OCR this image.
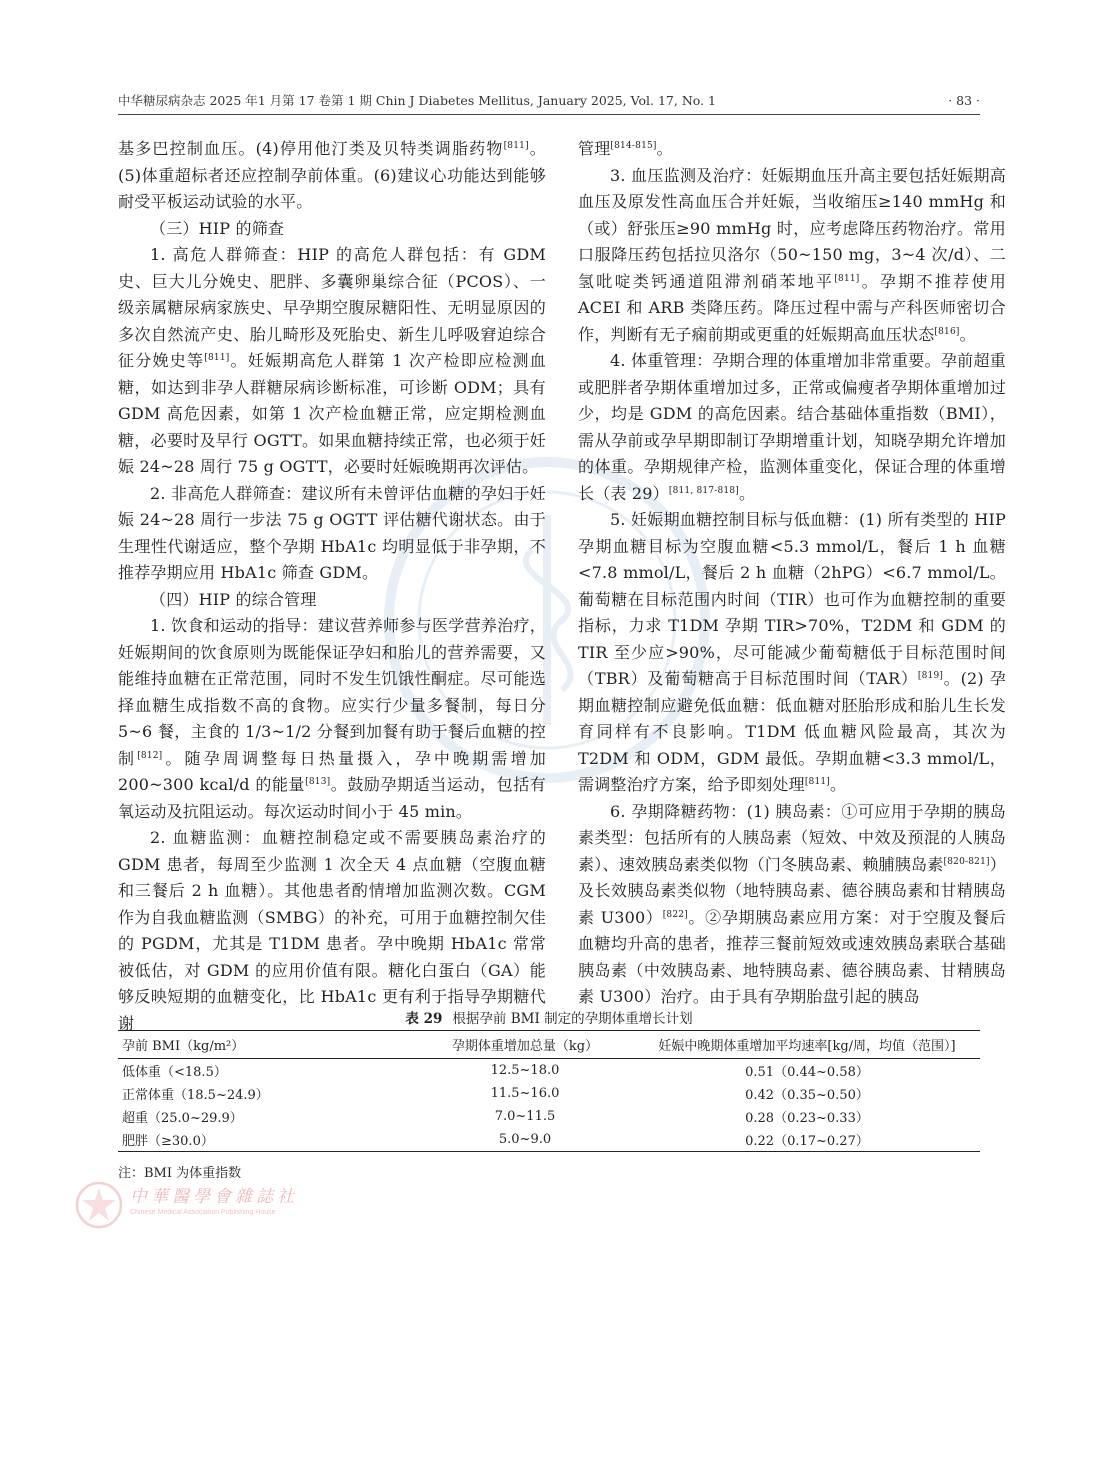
中华糖尿病杂志 2025 年1 月第 17 卷第 1 期 Chin J Diabetes Mellitus, January 2025, Vol. 17, No. 1	· 83 ·

基多巴控制血压。(4)停用他汀类及贝特类调脂药物[811]。(5)体重超标者还应控制孕前体重。(6)建议心功能达到能够耐受平板运动试验的水平。

（三）HIP 的筛查

1. 高危人群筛查：HIP 的高危人群包括：有 GDM 史、巨大儿分娩史、肥胖、多囊卵巢综合征（PCOS）、一级亲属糖尿病家族史、早孕期空腹尿糖阳性、无明显原因的多次自然流产史、胎儿畸形及死胎史、新生儿呼吸窘迫综合征分娩史等[811]。妊娠期高危人群第 1 次产检即应检测血糖，如达到非孕人群糖尿病诊断标准，可诊断 ODM；具有 GDM 高危因素，如第 1 次产检血糖正常，应定期检测血糖，必要时及早行 OGTT。如果血糖持续正常，也必须于妊娠 24~28 周行 75 g OGTT，必要时妊娠晚期再次评估。

2. 非高危人群筛查：建议所有未曾评估血糖的孕妇于妊娠 24~28 周行一步法 75 g OGTT 评估糖代谢状态。由于生理性代谢适应，整个孕期 HbA1c 均明显低于非孕期，不推荐孕期应用 HbA1c 筛查 GDM。

（四）HIP 的综合管理

1. 饮食和运动的指导：建议营养师参与医学营养治疗，妊娠期间的饮食原则为既能保证孕妇和胎儿的营养需要，又能维持血糖在正常范围，同时不发生饥饿性酮症。尽可能选择血糖生成指数不高的食物。应实行少量多餐制，每日分 5~6 餐，主食的 1/3~1/2 分餐到加餐有助于餐后血糖的控制[812]。随孕周调整每日热量摄入，孕中晚期需增加 200~300 kcal/d 的能量[813]。鼓励孕期适当运动，包括有氧运动及抗阻运动。每次运动时间小于 45 min。

2. 血糖监测：血糖控制稳定或不需要胰岛素治疗的 GDM 患者，每周至少监测 1 次全天 4 点血糖（空腹血糖和三餐后 2 h 血糖）。其他患者酌情增加监测次数。CGM 作为自我血糖监测（SMBG）的补充，可用于血糖控制欠佳的 PGDM，尤其是 T1DM 患者。孕中晚期 HbA1c 常常被低估，对 GDM 的应用价值有限。糖化白蛋白（GA）能够反映短期的血糖变化，比 HbA1c 更有利于指导孕期糖代谢

管理[814-815]。

3. 血压监测及治疗：妊娠期血压升高主要包括妊娠期高血压及原发性高血压合并妊娠，当收缩压≥140 mmHg 和（或）舒张压≥90 mmHg 时，应考虑降压药物治疗。常用口服降压药包括拉贝洛尔（50~150 mg，3~4 次/d）、二氢吡啶类钙通道阻滞剂硝苯地平[811]。孕期不推荐使用 ACEI 和 ARB 类降压药。降压过程中需与产科医师密切合作，判断有无子痫前期或更重的妊娠期高血压状态[816]。

4. 体重管理：孕期合理的体重增加非常重要。孕前超重或肥胖者孕期体重增加过多，正常或偏瘦者孕期体重增加过少，均是 GDM 的高危因素。结合基础体重指数（BMI），需从孕前或孕早期即制订孕期增重计划，知晓孕期允许增加的体重。孕期规律产检，监测体重变化，保证合理的体重增长（表 29）[811, 817-818]。

5. 妊娠期血糖控制目标与低血糖：(1) 所有类型的 HIP 孕期血糖目标为空腹血糖<5.3 mmol/L，餐后 1 h 血糖<7.8 mmol/L，餐后 2 h 血糖（2hPG）<6.7 mmol/L。葡萄糖在目标范围内时间（TIR）也可作为血糖控制的重要指标，力求 T1DM 孕期 TIR>70%，T2DM 和 GDM 的 TIR 至少应>90%，尽可能减少葡萄糖低于目标范围时间（TBR）及葡萄糖高于目标范围时间（TAR）[819]。(2) 孕期血糖控制应避免低血糖：低血糖对胚胎形成和胎儿生长发育同样有不良影响。T1DM 低血糖风险最高，其次为 T2DM 和 ODM，GDM 最低。孕期血糖<3.3 mmol/L，需调整治疗方案，给予即刻处理[811]。

6. 孕期降糖药物：(1) 胰岛素：①可应用于孕期的胰岛素类型：包括所有的人胰岛素（短效、中效及预混的人胰岛素）、速效胰岛素类似物（门冬胰岛素、赖脯胰岛素[820-821]）及长效胰岛素类似物（地特胰岛素、德谷胰岛素和甘精胰岛素 U300）[822]。②孕期胰岛素应用方案：对于空腹及餐后血糖均升高的患者，推荐三餐前短效或速效胰岛素联合基础胰岛素（中效胰岛素、地特胰岛素、德谷胰岛素、甘精胰岛素 U300）治疗。由于具有孕期胎盘引起的胰岛

表 29 根据孕前 BMI 制定的孕期体重增长计划
孕前 BMI（kg/m²）	孕期体重增加总量（kg）	妊娠中晚期体重增加平均速率[kg/周，均值（范围）]
低体重（<18.5）	12.5~18.0	0.51（0.44~0.58）
正常体重（18.5~24.9）	11.5~16.0	0.42（0.35~0.50）
超重（25.0~29.9）	7.0~11.5	0.28（0.23~0.33）
肥胖（≥30.0）	5.0~9.0	0.22（0.17~0.27）
注：BMI 为体重指数
中華醫學會雜誌社
Chinese Medical Association Publishing House
